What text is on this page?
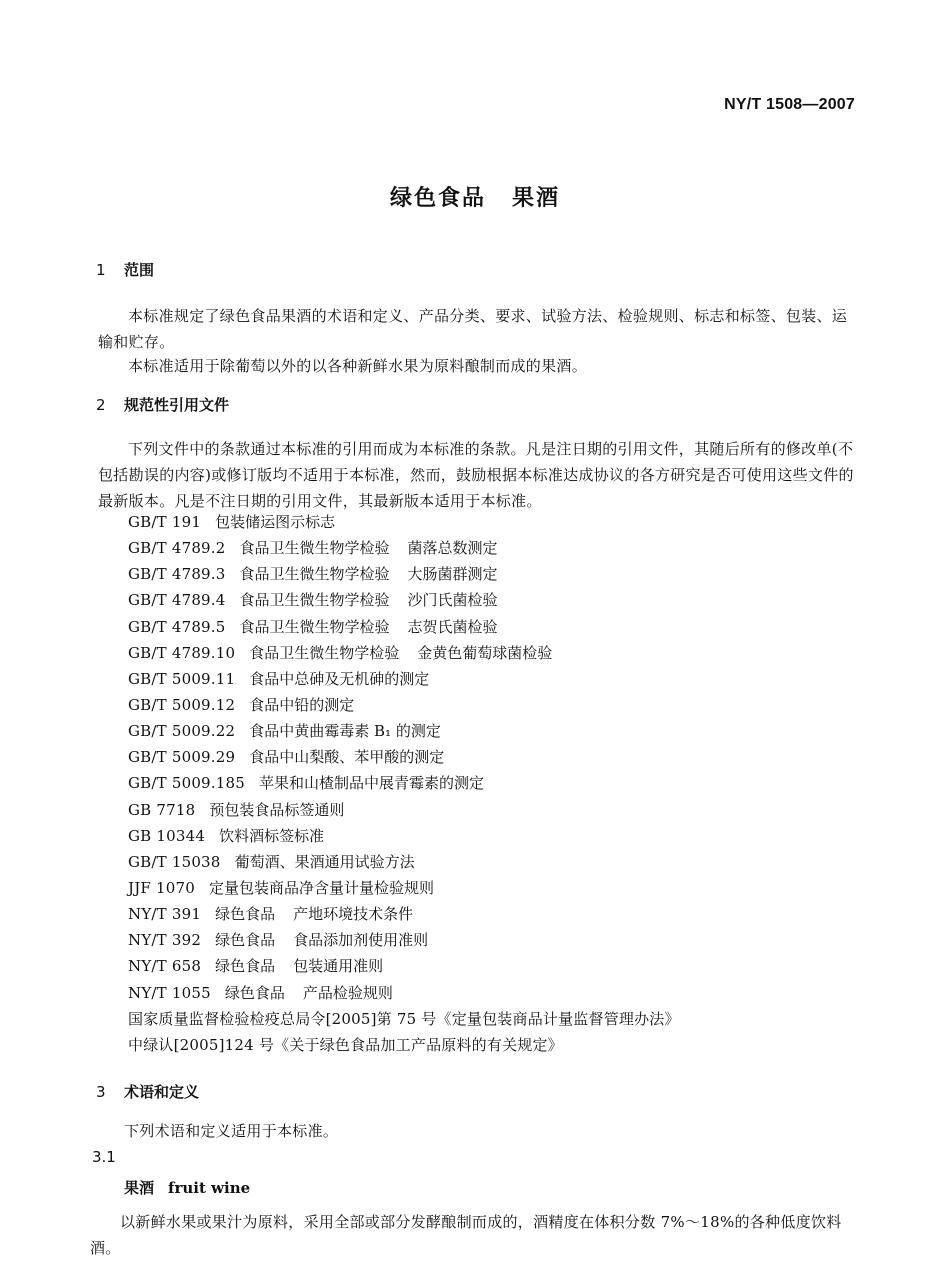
NY/T 1508—2007
绿色食品 果酒
1 范围
本标准规定了绿色食品果酒的术语和定义、产品分类、要求、试验方法、检验规则、标志和标签、包装、运输和贮存。
本标准适用于除葡萄以外的以各种新鲜水果为原料酿制而成的果酒。
2 规范性引用文件
下列文件中的条款通过本标准的引用而成为本标准的条款。凡是注日期的引用文件，其随后所有的修改单(不包括勘误的内容)或修订版均不适用于本标准，然而，鼓励根据本标准达成协议的各方研究是否可使用这些文件的最新版本。凡是不注日期的引用文件，其最新版本适用于本标准。
GB/T 191 包装储运图示标志
GB/T 4789.2 食品卫生微生物学检验 菌落总数测定
GB/T 4789.3 食品卫生微生物学检验 大肠菌群测定
GB/T 4789.4 食品卫生微生物学检验 沙门氏菌检验
GB/T 4789.5 食品卫生微生物学检验 志贺氏菌检验
GB/T 4789.10 食品卫生微生物学检验 金黄色葡萄球菌检验
GB/T 5009.11 食品中总砷及无机砷的测定
GB/T 5009.12 食品中铅的测定
GB/T 5009.22 食品中黄曲霉毒素 B₁ 的测定
GB/T 5009.29 食品中山梨酸、苯甲酸的测定
GB/T 5009.185 苹果和山楂制品中展青霉素的测定
GB 7718 预包装食品标签通则
GB 10344 饮料酒标签标准
GB/T 15038 葡萄酒、果酒通用试验方法
JJF 1070 定量包装商品净含量计量检验规则
NY/T 391 绿色食品 产地环境技术条件
NY/T 392 绿色食品 食品添加剂使用准则
NY/T 658 绿色食品 包装通用准则
NY/T 1055 绿色食品 产品检验规则
国家质量监督检验检疫总局令[2005]第 75 号《定量包装商品计量监督管理办法》
中绿认[2005]124 号《关于绿色食品加工产品原料的有关规定》
3 术语和定义
下列术语和定义适用于本标准。
3.1
果酒 fruit wine
以新鲜水果或果汁为原料，采用全部或部分发酵酿制而成的，酒精度在体积分数 7%～18%的各种低度饮料酒。
